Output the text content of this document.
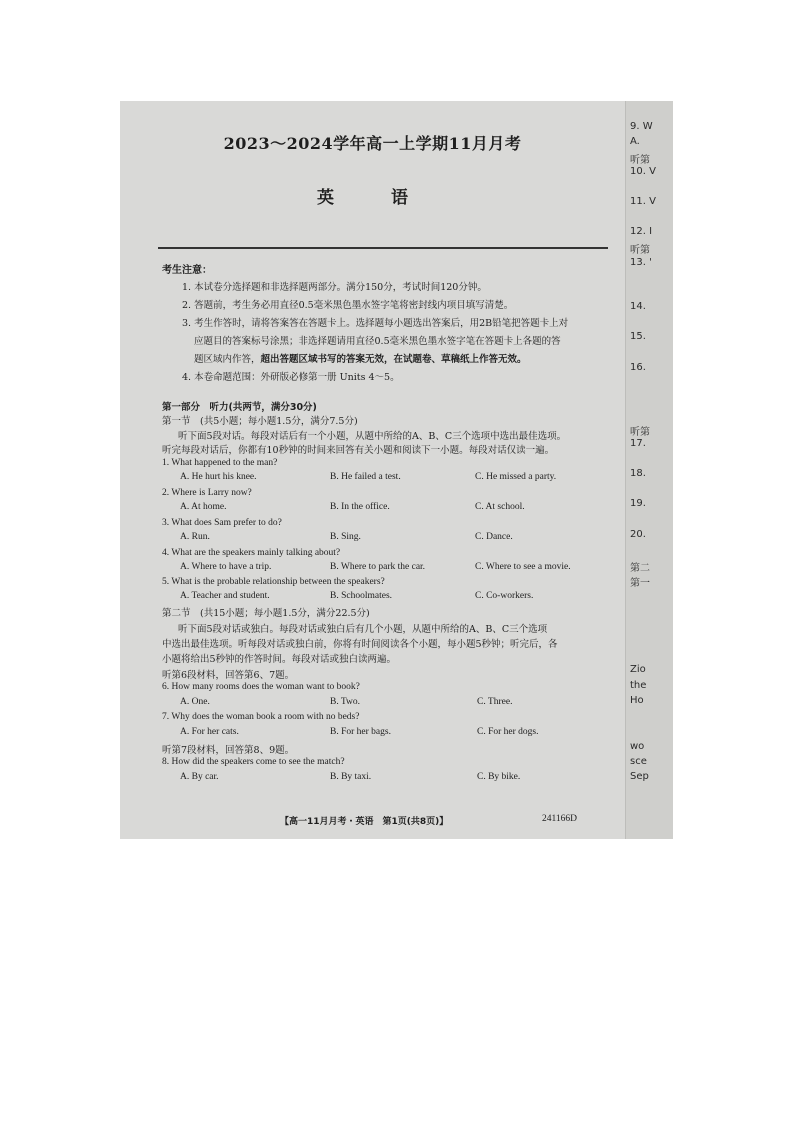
2023～2024学年高一上学期11月月考
英　语
考生注意：
1. 本试卷分选择题和非选择题两部分。满分150分，考试时间120分钟。
2. 答题前，考生务必用直径0.5毫米黑色墨水签字笔将密封线内项目填写清楚。
3. 考生作答时，请将答案答在答题卡上。选择题每小题选出答案后，用2B铅笔把答题卡上对
应题目的答案标号涂黑；非选择题请用直径0.5毫米黑色墨水签字笔在答题卡上各题的答
题区域内作答，超出答题区域书写的答案无效，在试题卷、草稿纸上作答无效。
4. 本卷命题范围：外研版必修第一册 Units 4～5。
第一部分　听力(共两节，满分30分)
第一节　(共5小题；每小题1.5分，满分7.5分)
听下面5段对话。每段对话后有一个小题，从题中所给的A、B、C三个选项中选出最佳选项。
听完每段对话后，你都有10秒钟的时间来回答有关小题和阅读下一小题。每段对话仅读一遍。
1. What happened to the man?
A. He hurt his knee.	B. He failed a test.	C. He missed a party.
2. Where is Larry now?
A. At home.	B. In the office.	C. At school.
3. What does Sam prefer to do?
A. Run.	B. Sing.	C. Dance.
4. What are the speakers mainly talking about?
A. Where to have a trip.	B. Where to park the car.	C. Where to see a movie.
5. What is the probable relationship between the speakers?
A. Teacher and student.	B. Schoolmates.	C. Co-workers.
第二节　(共15小题；每小题1.5分，满分22.5分)
听下面5段对话或独白。每段对话或独白后有几个小题，从题中所给的A、B、C三个选项
中选出最佳选项。听每段对话或独白前，你将有时间阅读各个小题，每小题5秒钟；听完后，各
小题将给出5秒钟的作答时间。每段对话或独白读两遍。
听第6段材料，回答第6、7题。
6. How many rooms does the woman want to book?
A. One.	B. Two.	C. Three.
7. Why does the woman book a room with no beds?
A. For her cats.	B. For her bags.	C. For her dogs.
听第7段材料，回答第8、9题。
8. How did the speakers come to see the match?
A. By car.	B. By taxi.	C. By bike.
【高一11月月考・英语　第1页(共8页)】	241166D
9. W
A.
听第
10. V
11. V
12. I
听第
13. '
14.
15.
16.
听第
17.
18.
19.
20.
第二
第一
Zio
the
Ho
wo
sce
Sep
